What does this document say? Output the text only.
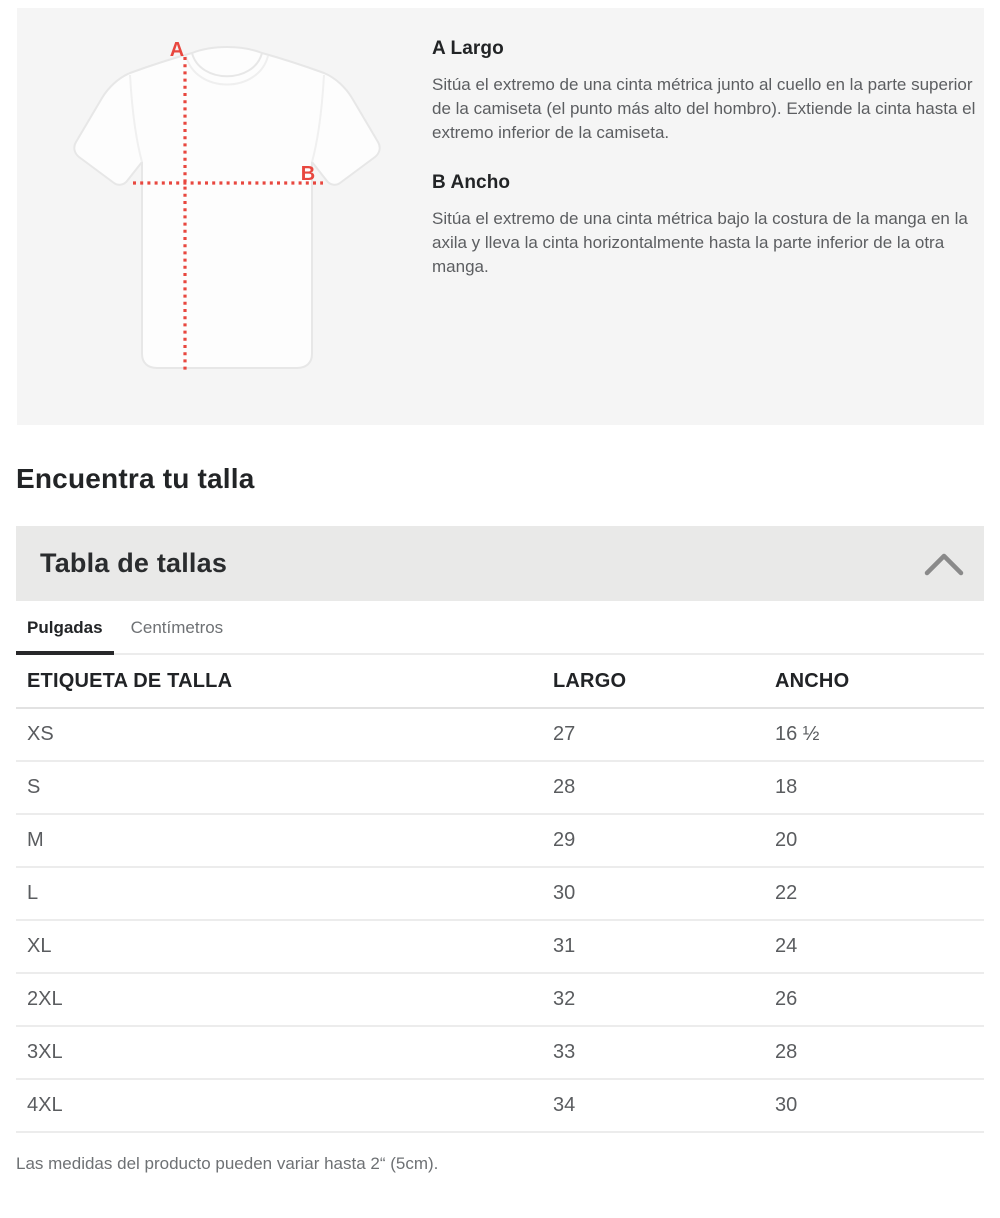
A
B
A Largo

Sitúa el extremo de una cinta métrica junto al cuello en la parte superior de la camiseta (el punto más alto del hombro). Extiende la cinta hasta el extremo inferior de la camiseta.

B Ancho

Sitúa el extremo de una cinta métrica bajo la costura de la manga en la axila y lleva la cinta horizontalmente hasta la parte inferior de la otra manga.

Encuentra tu talla
Tabla de tallas
Pulgadas	Centímetros
ETIQUETA DE TALLA	LARGO	ANCHO
XS	27	16 ½
S	28	18
M	29	20
L	30	22
XL	31	24
2XL	32	26
3XL	33	28
4XL	34	30

Las medidas del producto pueden variar hasta 2“ (5cm).
